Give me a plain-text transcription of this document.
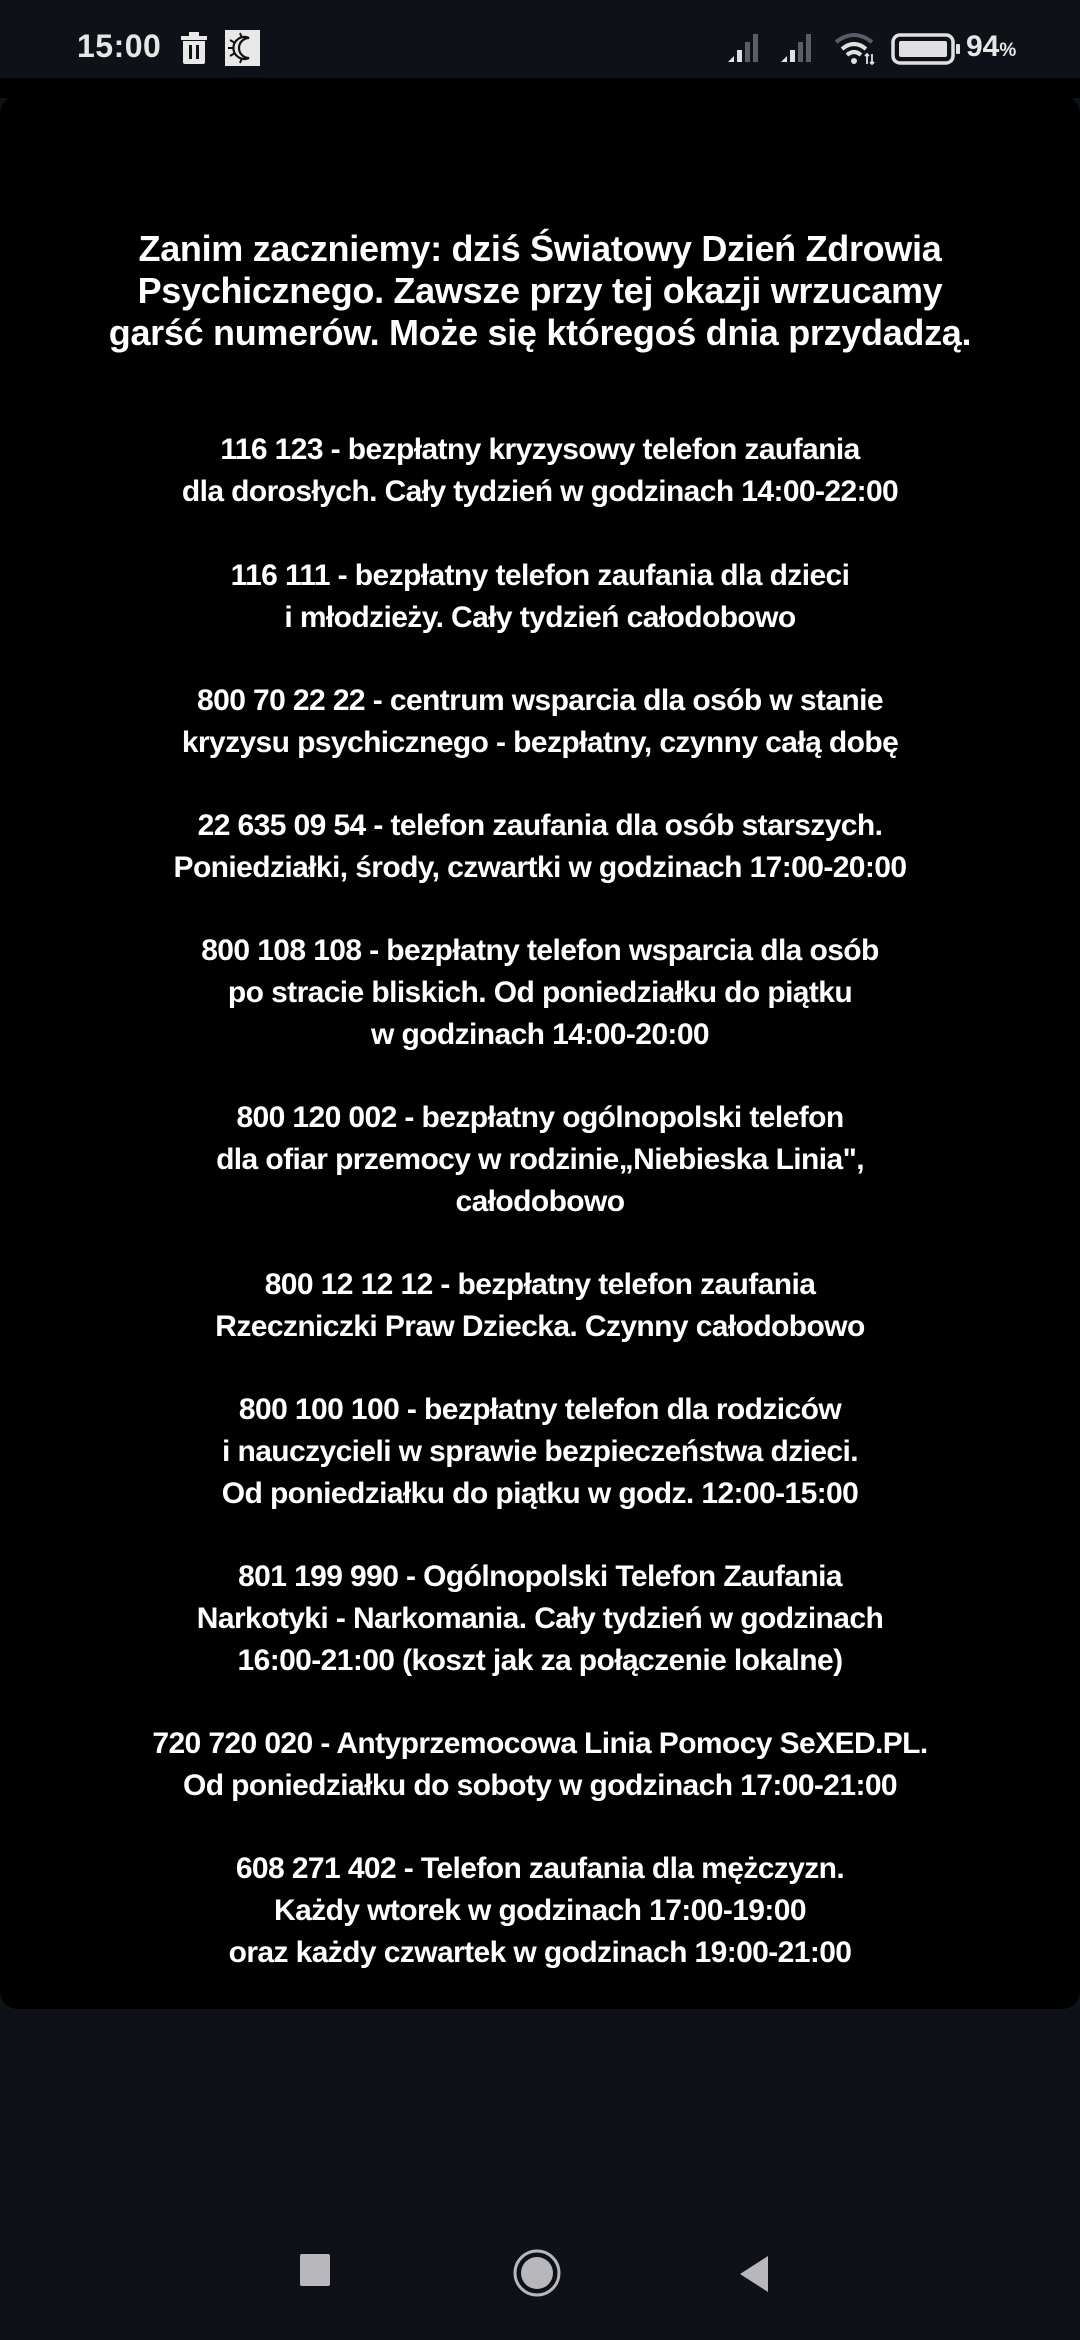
15:00	94%
Zanim zaczniemy: dziś Światowy Dzień Zdrowia
Psychicznego. Zawsze przy tej okazji wrzucamy
garść numerów. Może się któregoś dnia przydadzą.
116 123 - bezpłatny kryzysowy telefon zaufania
dla dorosłych. Cały tydzień w godzinach 14:00-22:00
116 111 - bezpłatny telefon zaufania dla dzieci
i młodzieży. Cały tydzień całodobowo
800 70 22 22 - centrum wsparcia dla osób w stanie
kryzysu psychicznego - bezpłatny, czynny całą dobę
22 635 09 54 - telefon zaufania dla osób starszych.
Poniedziałki, środy, czwartki w godzinach 17:00-20:00
800 108 108 - bezpłatny telefon wsparcia dla osób
po stracie bliskich. Od poniedziałku do piątku
w godzinach 14:00-20:00
800 120 002 - bezpłatny ogólnopolski telefon
dla ofiar przemocy w rodzinie„Niebieska Linia",
całodobowo
800 12 12 12 - bezpłatny telefon zaufania
Rzeczniczki Praw Dziecka. Czynny całodobowo
800 100 100 - bezpłatny telefon dla rodziców
i nauczycieli w sprawie bezpieczeństwa dzieci.
Od poniedziałku do piątku w godz. 12:00-15:00
801 199 990 - Ogólnopolski Telefon Zaufania
Narkotyki - Narkomania. Cały tydzień w godzinach
16:00-21:00 (koszt jak za połączenie lokalne)
720 720 020 - Antyprzemocowa Linia Pomocy SeXED.PL.
Od poniedziałku do soboty w godzinach 17:00-21:00
608 271 402 - Telefon zaufania dla mężczyzn.
Każdy wtorek w godzinach 17:00-19:00
oraz każdy czwartek w godzinach 19:00-21:00
